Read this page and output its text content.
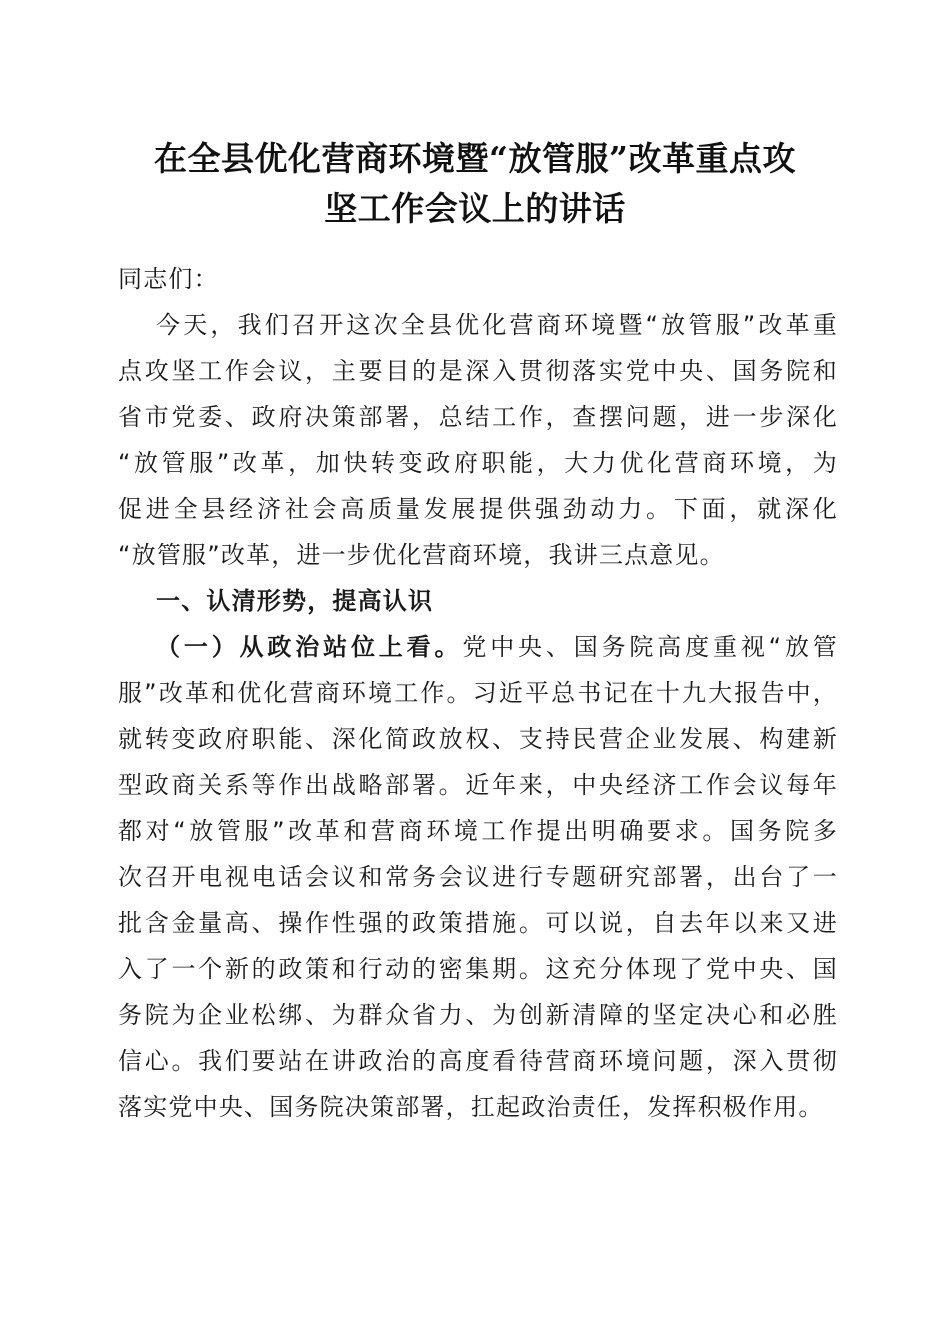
在全县优化营商环境暨“放管服”改革重点攻
坚工作会议上的讲话
同志们：
今天，我们召开这次全县优化营商环境暨“放管服”改革重
点攻坚工作会议，主要目的是深入贯彻落实党中央、国务院和
省市党委、政府决策部署，总结工作，查摆问题，进一步深化
“放管服”改革，加快转变政府职能，大力优化营商环境，为
促进全县经济社会高质量发展提供强劲动力。下面，就深化
“放管服”改革，进一步优化营商环境，我讲三点意见。
一、认清形势，提高认识
（一）从政治站位上看。党中央、国务院高度重视“放管
服”改革和优化营商环境工作。习近平总书记在十九大报告中，
就转变政府职能、深化简政放权、支持民营企业发展、构建新
型政商关系等作出战略部署。近年来，中央经济工作会议每年
都对“放管服”改革和营商环境工作提出明确要求。国务院多
次召开电视电话会议和常务会议进行专题研究部署，出台了一
批含金量高、操作性强的政策措施。可以说，自去年以来又进
入了一个新的政策和行动的密集期。这充分体现了党中央、国
务院为企业松绑、为群众省力、为创新清障的坚定决心和必胜
信心。我们要站在讲政治的高度看待营商环境问题，深入贯彻
落实党中央、国务院决策部署，扛起政治责任，发挥积极作用。
